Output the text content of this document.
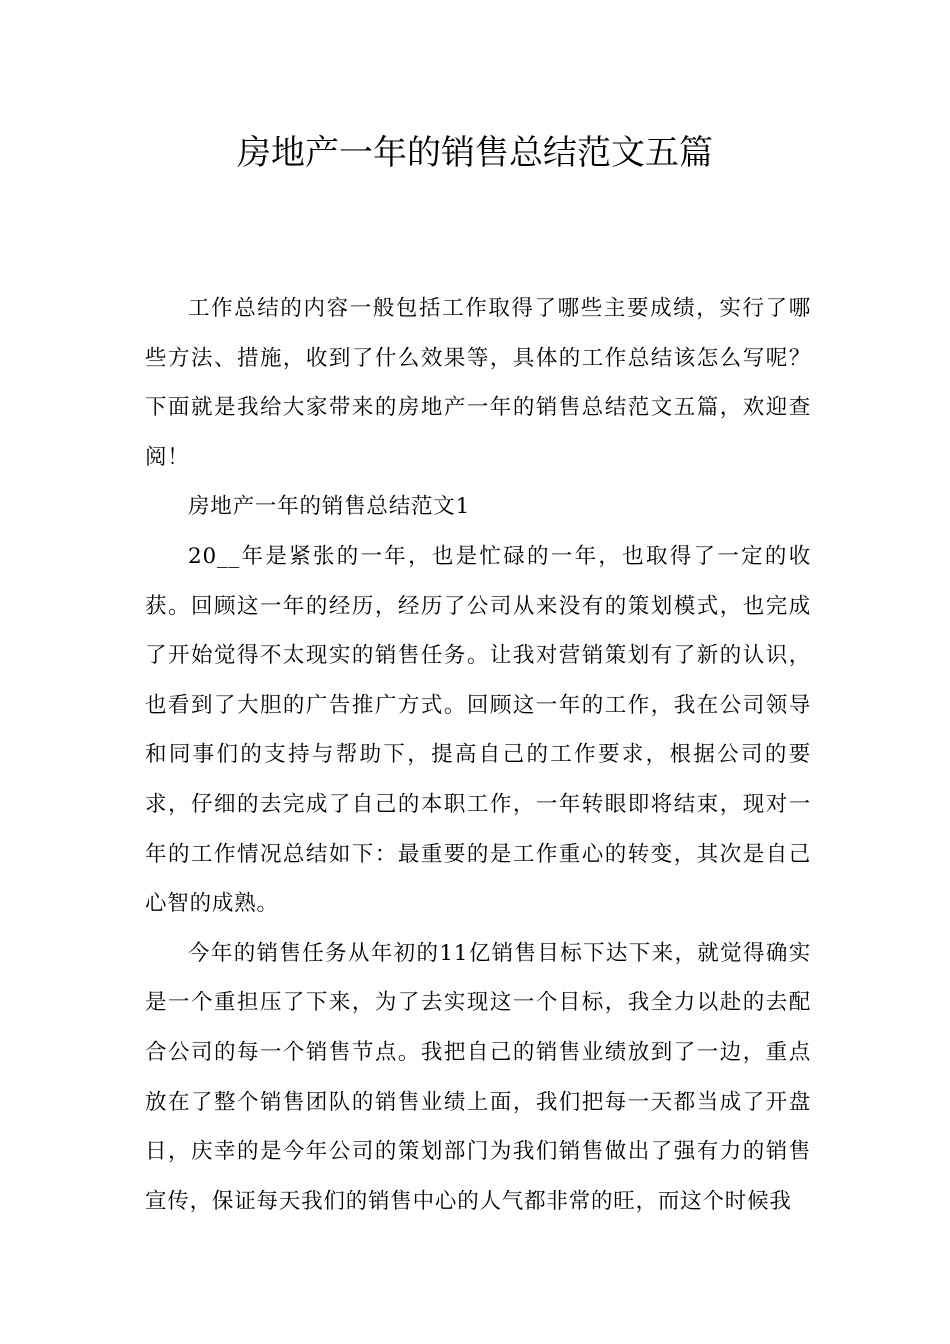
房地产一年的销售总结范文五篇

工作总结的内容一般包括工作取得了哪些主要成绩，实行了哪些方法、措施，收到了什么效果等，具体的工作总结该怎么写呢？下面就是我给大家带来的房地产一年的销售总结范文五篇，欢迎查阅！

房地产一年的销售总结范文1

20__年是紧张的一年，也是忙碌的一年，也取得了一定的收获。回顾这一年的经历，经历了公司从来没有的策划模式，也完成了开始觉得不太现实的销售任务。让我对营销策划有了新的认识，也看到了大胆的广告推广方式。回顾这一年的工作，我在公司领导和同事们的支持与帮助下，提高自己的工作要求，根据公司的要求，仔细的去完成了自己的本职工作，一年转眼即将结束，现对一年的工作情况总结如下：最重要的是工作重心的转变，其次是自己心智的成熟。

今年的销售任务从年初的11亿销售目标下达下来，就觉得确实是一个重担压了下来，为了去实现这一个目标，我全力以赴的去配合公司的每一个销售节点。我把自己的销售业绩放到了一边，重点放在了整个销售团队的销售业绩上面，我们把每一天都当成了开盘日，庆幸的是今年公司的策划部门为我们销售做出了强有力的销售宣传，保证每天我们的销售中心的人气都非常的旺，而这个时候我
